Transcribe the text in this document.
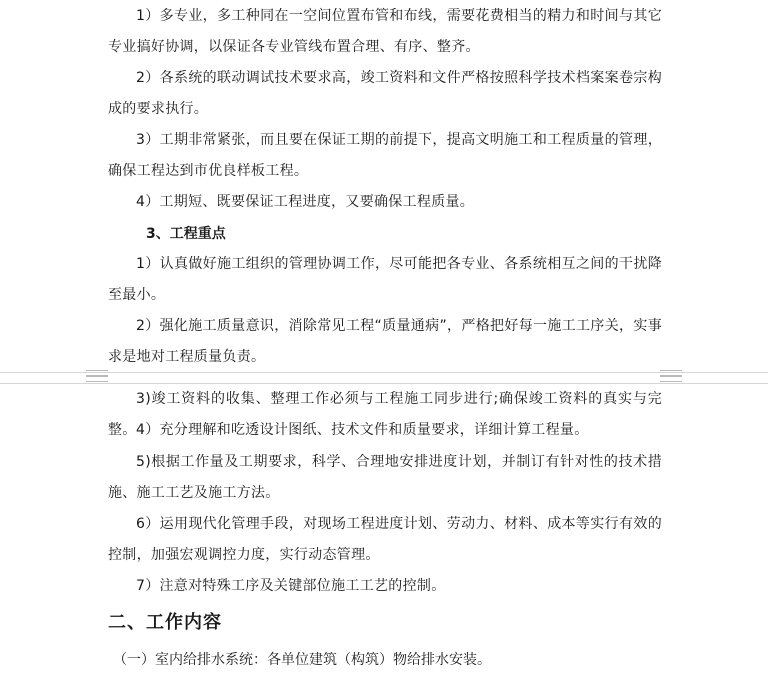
1）多专业，多工种同在一空间位置布管和布线，需要花费相当的精力和时间与其它专业搞好协调，以保证各专业管线布置合理、有序、整齐。

2）各系统的联动调试技术要求高，竣工资料和文件严格按照科学技术档案案卷宗构成的要求执行。

3）工期非常紧张，而且要在保证工期的前提下，提高文明施工和工程质量的管理，确保工程达到市优良样板工程。

4）工期短、既要保证工程进度，又要确保工程质量。

3、工程重点

1）认真做好施工组织的管理协调工作，尽可能把各专业、各系统相互之间的干扰降至最小。

2）强化施工质量意识，消除常见工程“质量通病”，严格把好每一施工工序关，实事求是地对工程质量负责。

3)竣工资料的收集、整理工作必须与工程施工同步进行;确保竣工资料的真实与完整。 4）充分理解和吃透设计图纸、技术文件和质量要求，详细计算工程量。

5)根据工作量及工期要求，科学、合理地安排进度计划，并制订有针对性的技术措施、施工工艺及施工方法。

6）运用现代化管理手段，对现场工程进度计划、劳动力、材料、成本等实行有效的控制，加强宏观调控力度，实行动态管理。

7）注意对特殊工序及关键部位施工工艺的控制。

二、工作内容

（一）室内给排水系统：各单位建筑（构筑）物给排水安装。
